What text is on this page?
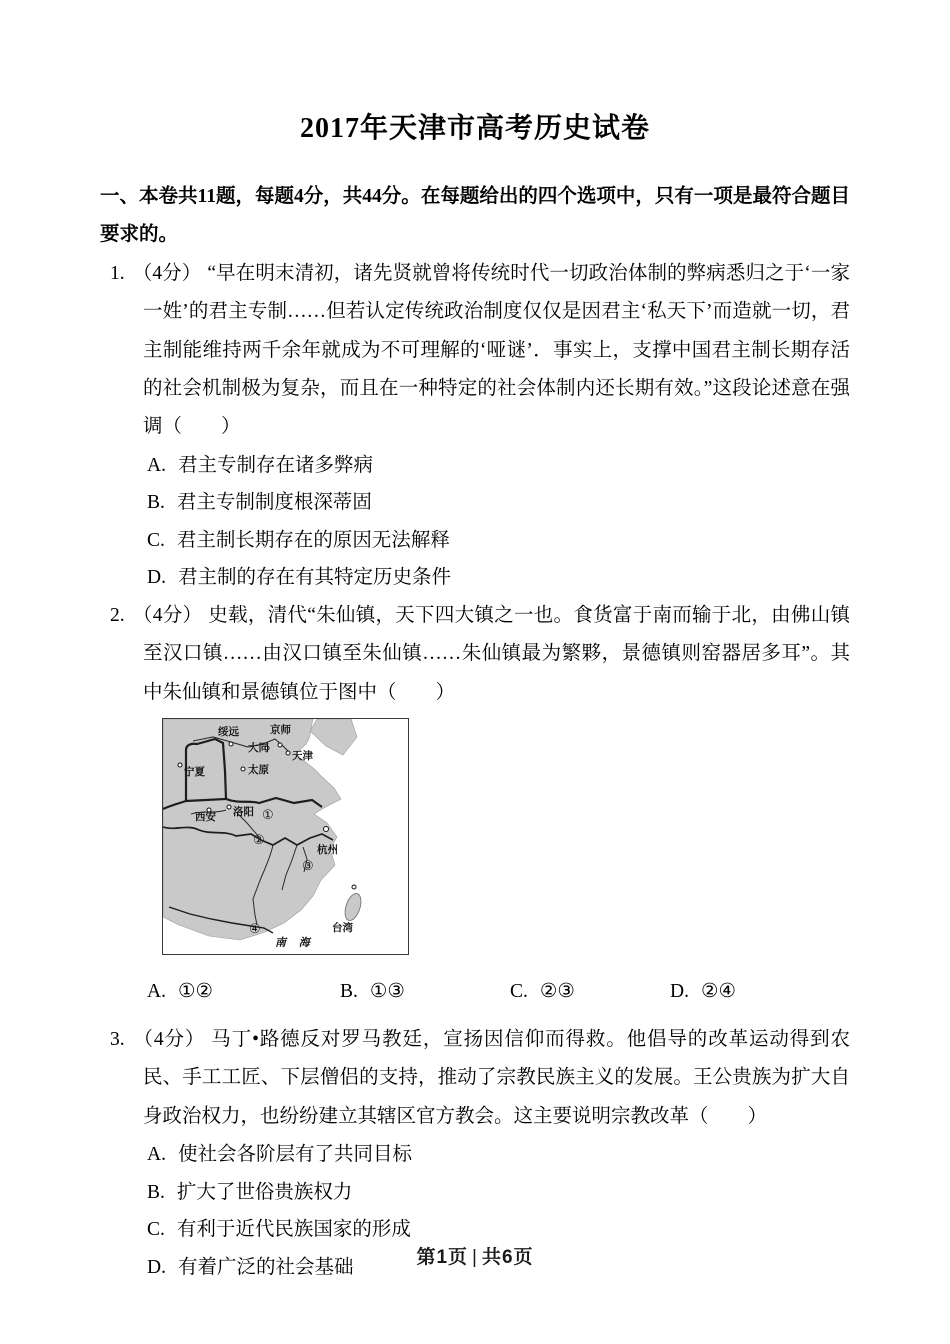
2017年天津市高考历史试卷
一、本卷共11题，每题4分，共44分。在每题给出的四个选项中，只有一项是最符合题目要求的。

1. （4分） “早在明末清初，诸先贤就曾将传统时代一切政治体制的弊病悉归之于‘一家一姓’的君主专制……但若认定传统政治制度仅仅是因君主‘私天下’而造就一切，君主制能维持两千余年就成为不可理解的‘哑谜’．事实上，支撑中国君主制长期存活的社会机制极为复杂，而且在一种特定的社会体制内还长期有效。”这段论述意在强调（　　）

A. 君主专制存在诸多弊病
B. 君主专制制度根深蒂固
C. 君主制长期存在的原因无法解释
D. 君主制的存在有其特定历史条件

2. （4分） 史载，清代“朱仙镇，天下四大镇之一也。食货富于南而输于北，由佛山镇至汉口镇……由汉口镇至朱仙镇……朱仙镇最为繁夥，景德镇则窑器居多耳”。其中朱仙镇和景德镇位于图中（　　）

绥远	京师
大同
天津
宁夏	太原
西安 洛阳
杭州
台湾
①
②
③
④
南 海
A. ①②	B. ①③	C. ②③	D. ②④

3. （4分） 马丁•路德反对罗马教廷，宣扬因信仰而得救。他倡导的改革运动得到农民、手工工匠、下层僧侣的支持，推动了宗教民族主义的发展。王公贵族为扩大自身政治权力，也纷纷建立其辖区官方教会。这主要说明宗教改革（　　）

A. 使社会各阶层有了共同目标
B. 扩大了世俗贵族权力
C. 有利于近代民族国家的形成
D. 有着广泛的社会基础	第1页 | 共6页
